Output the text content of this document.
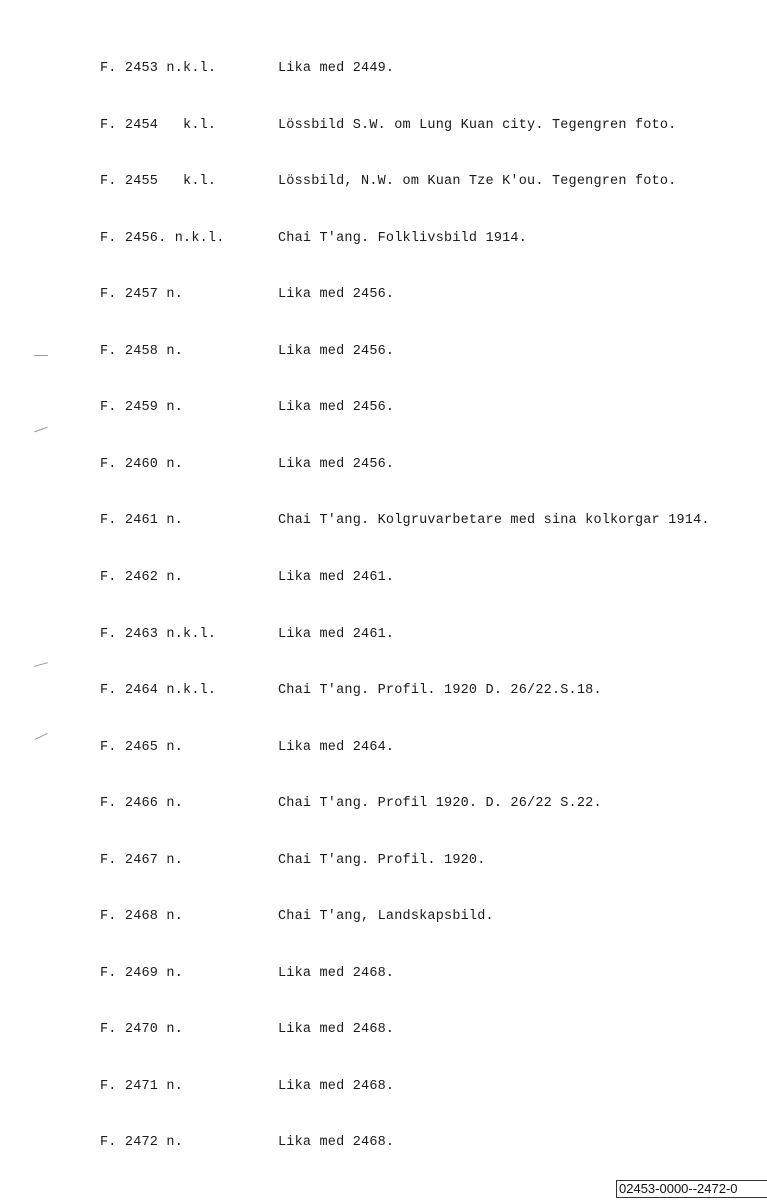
F. 2453 n.k.l.	Lika med 2449.
F. 2454   k.l.	Lössbild S.W. om Lung Kuan city. Tegengren foto.
F. 2455   k.l.	Lössbild, N.W. om Kuan Tze K'ou. Tegengren foto.
F. 2456. n.k.l.	Chai T'ang. Folklivsbild 1914.
F. 2457 n.	Lika med 2456.
F. 2458 n.	Lika med 2456.
F. 2459 n.	Lika med 2456.
F. 2460 n.	Lika med 2456.
F. 2461 n.	Chai T'ang. Kolgruvarbetare med sina kolkorgar 1914.
F. 2462 n.	Lika med 2461.
F. 2463 n.k.l.	Lika med 2461.
F. 2464 n.k.l.	Chai T'ang. Profil. 1920 D. 26/22.S.18.
F. 2465 n.	Lika med 2464.
F. 2466 n.	Chai T'ang. Profil 1920. D. 26/22 S.22.
F. 2467 n.	Chai T'ang. Profil. 1920.
F. 2468 n.	Chai T'ang, Landskapsbild.
F. 2469 n.	Lika med 2468.
F. 2470 n.	Lika med 2468.
F. 2471 n.	Lika med 2468.
F. 2472 n.	Lika med 2468.
02453-0000--2472-0
